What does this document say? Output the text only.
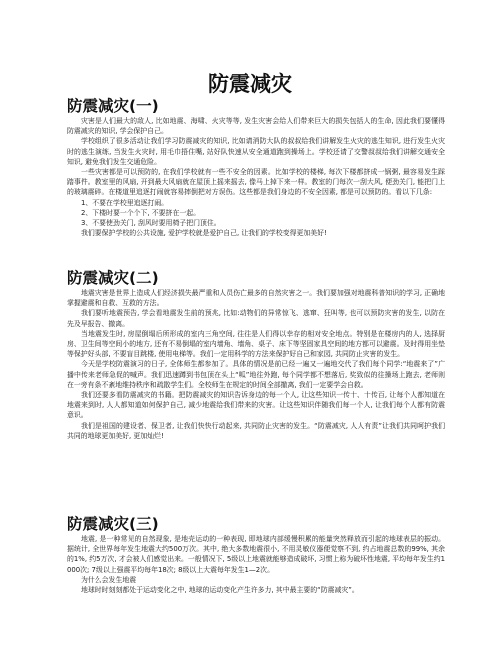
防震减灾
防震减灾(一)

灾害是人们最大的敌人, 比如地震、海啸、火灾等等, 发生灾害会给人们带来巨大的损失包括人的生命, 因此我们要懂得防震减灾的知识, 学会保护自己。

学校组织了很多活动让我们学习防震减灾的知识, 比如请消防大队的叔叔给我们讲解发生火灾的逃生知识, 进行发生火灾时的逃生演练, 当发生火灾时, 用毛巾捂住嘴, 站好队快速从安全通道跑到操场上。学校还请了交警叔叔给我们讲解交通安全知识, 避免我们发生交通危险。

一些灾害都是可以预防的, 在我们学校就有一些不安全的因素。比如学校的楼梯, 每次下楼都挤成一锅粥, 最容易发生踩踏事件。教室里的风扇, 开到最大风扇就在屋顶上摇来摇去, 像马上掉下来一样。教室的门每次一刮大风, 便劲关门, 能把门上的玻璃震碎。在楼道里追逐打闹就容易摔倒把对方误伤。这些都是我们身边的不安全因素, 都是可以预防的。看以下几条:

1、不要在学校里追逐打闹。

2、下楼时要一个个下, 不要挤在一起。

3、不要使劲关门, 刮风时要用椅子把门顶住。

我们要保护学校的公共设施, 爱护学校就是爱护自己, 让我们的学校变得更加美好!

防震减灾(二)

地震灾害是世界上造成人们经济损失最严重和人员伤亡最多的自然灾害之一。我们要加强对地震科普知识的学习, 正确地掌握避震和自救、互救的方法。

我们要听地震预告, 学会看地震发生前的预兆, 比如:动物们的异常惊飞、逃窜、狂叫等, 也可以预防灾害的发生, 以防在先及早报告、撤离。

当地震发生时, 房屋倒塌后所形成的室内三角空间, 往往是人们得以幸存的相对安全地点。特别是在楼房内的人, 选择厨房、卫生间等空间小的地方, 还有不易倒塌的室内墙角、墙角、桌子、床下等坚固家具空间的地方都可以避震。及时得用坐垫等保护好头部, 不要盲目跳楼, 使用电梯等。我们一定用科学的方法来保护好自己和家园, 共同防止灾害的发生。

今天是学校防震演习的日子, 全体师生都参加了。具体的情况是前已经一遍又一遍地交代了我们每个同学:“地震来了”广播中传来老师急促的喊声。我们迅速蹲到书包顶在头上“呱”地往外跑, 每个同学都不想落后, 奖致似的往操场上跑去, 老师则在一旁有条不紊地维持秩序和疏散学生们。全校师生在规定的时间全部撤离, 我们一定要学会自救。

我们还要多看防震减灾的书籍。把防震减灾的知识告诉身边的每一个人, 让这些知识一传十、十传百, 让每个人都知道在地震来到时, 人人都知道如何保护自己, 减少地震给我们带来的灾害。让这些知识伴随我们每一个人, 让我们每个人都有防震意识。

我们是祖国的建设者、保卫者, 让我们快快行动起来, 共同防止灾害的发生。“防震减灾, 人人有责”让我们共同呵护我们共同的地球更加美好, 更加灿烂!

防震减灾(三)

地震, 是一种常见的自然现象, 是地壳运动的一种表现, 即地球内部缓慢积累的能量突然释放而引起的地球表层的振动。据统计, 全世界每年发生地震大约500万次。其中, 绝大多数地震很小, 不用灵敏仪器便觉察不到, 约占地震总数的99%, 其余的1%, 约5万次, 才会被人们感觉出来。一般情况下, 5级以上地震就能够造成破坏, 习惯上称为破坏性地震, 平均每年发生约1000次; 7级以上强震平均每年18次; 8级以上大震每年发生1—2次。

为什么会发生地震

地球时时刻刻都处于运动变化之中, 地球的运动变化产生许多力, 其中最主要的“防震减灾”。
